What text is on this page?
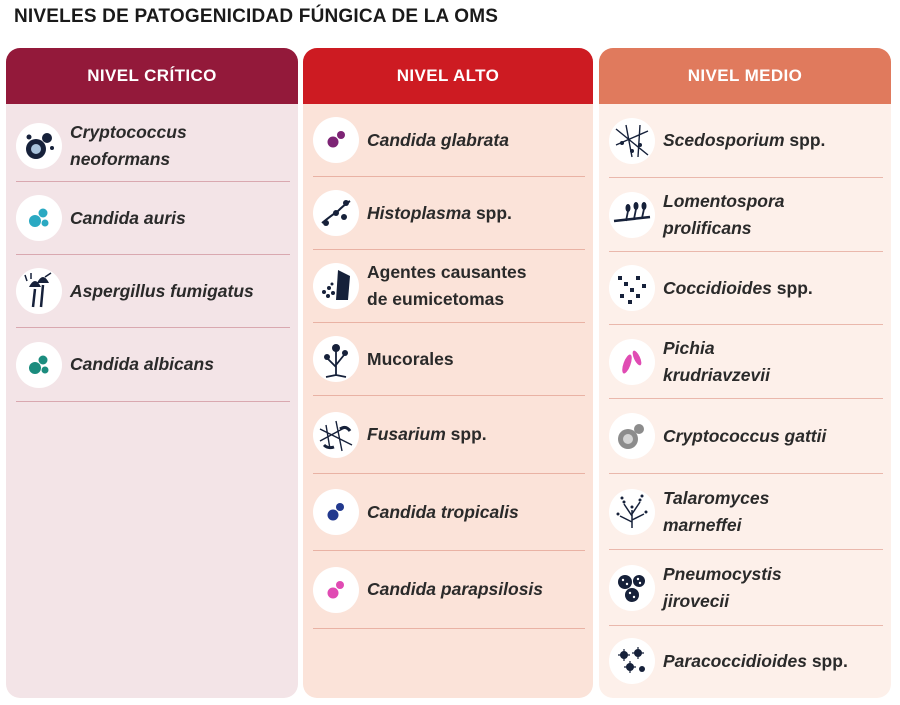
NIVELES DE PATOGENICIDAD FÚNGICA DE LA OMS
NIVEL CRÍTICO
Cryptococcus
neoformans
Candida auris
Aspergillus fumigatus
Candida albicans
NIVEL ALTO
Candida glabrata
Histoplasma spp.
Agentes causantes
de eumicetomas
Mucorales
Fusarium spp.
Candida tropicalis
Candida parapsilosis
NIVEL MEDIO
Scedosporium spp.
Lomentospora
prolificans
Coccidioides spp.
Pichia
krudriavzevii
Cryptococcus gattii
Talaromyces
marneffei
Pneumocystis
jirovecii
Paracoccidioides spp.
